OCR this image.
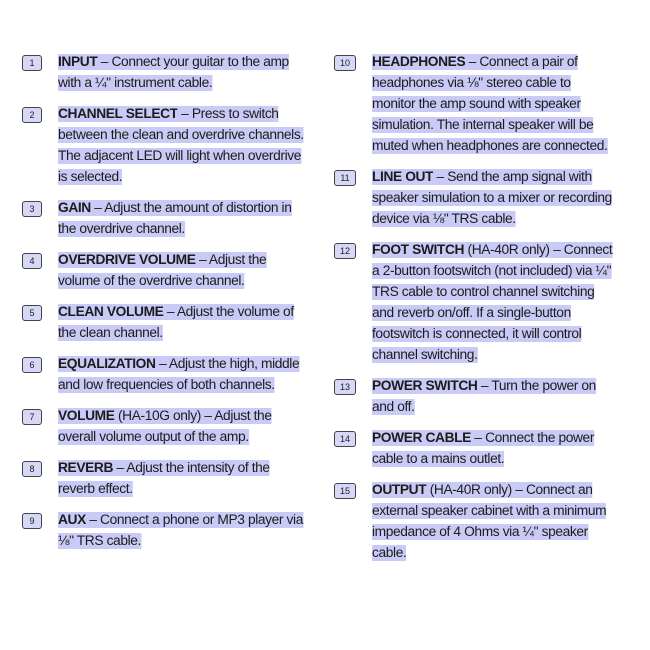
1	INPUT – Connect your guitar to the amp with a ¼" instrument cable.
2	CHANNEL SELECT – Press to switch between the clean and overdrive channels. The adjacent LED will light when overdrive is selected.
3	GAIN – Adjust the amount of distortion in the overdrive channel.
4	OVERDRIVE VOLUME – Adjust the volume of the overdrive channel.
5	CLEAN VOLUME – Adjust the volume of the clean channel.
6	EQUALIZATION – Adjust the high, middle and low frequencies of both channels.
7	VOLUME (HA-10G only) – Adjust the overall volume output of the amp.
8	REVERB – Adjust the intensity of the reverb effect.
9	AUX – Connect a phone or MP3 player via ⅛" TRS cable.
10	HEADPHONES – Connect a pair of headphones via ⅛" stereo cable to monitor the amp sound with speaker simulation. The internal speaker will be muted when headphones are connected.
11	LINE OUT – Send the amp signal with speaker simulation to a mixer or recording device via ⅛" TRS cable.
12	FOOT SWITCH (HA-40R only) – Connect a 2-button footswitch (not included) via ¼" TRS cable to control channel switching and reverb on/off. If a single-button footswitch is connected, it will control channel switching.
13	POWER SWITCH – Turn the power on and off.
14	POWER CABLE – Connect the power cable to a mains outlet.
15	OUTPUT (HA-40R only) – Connect an external speaker cabinet with a minimum impedance of 4 Ohms via ¼" speaker cable.
